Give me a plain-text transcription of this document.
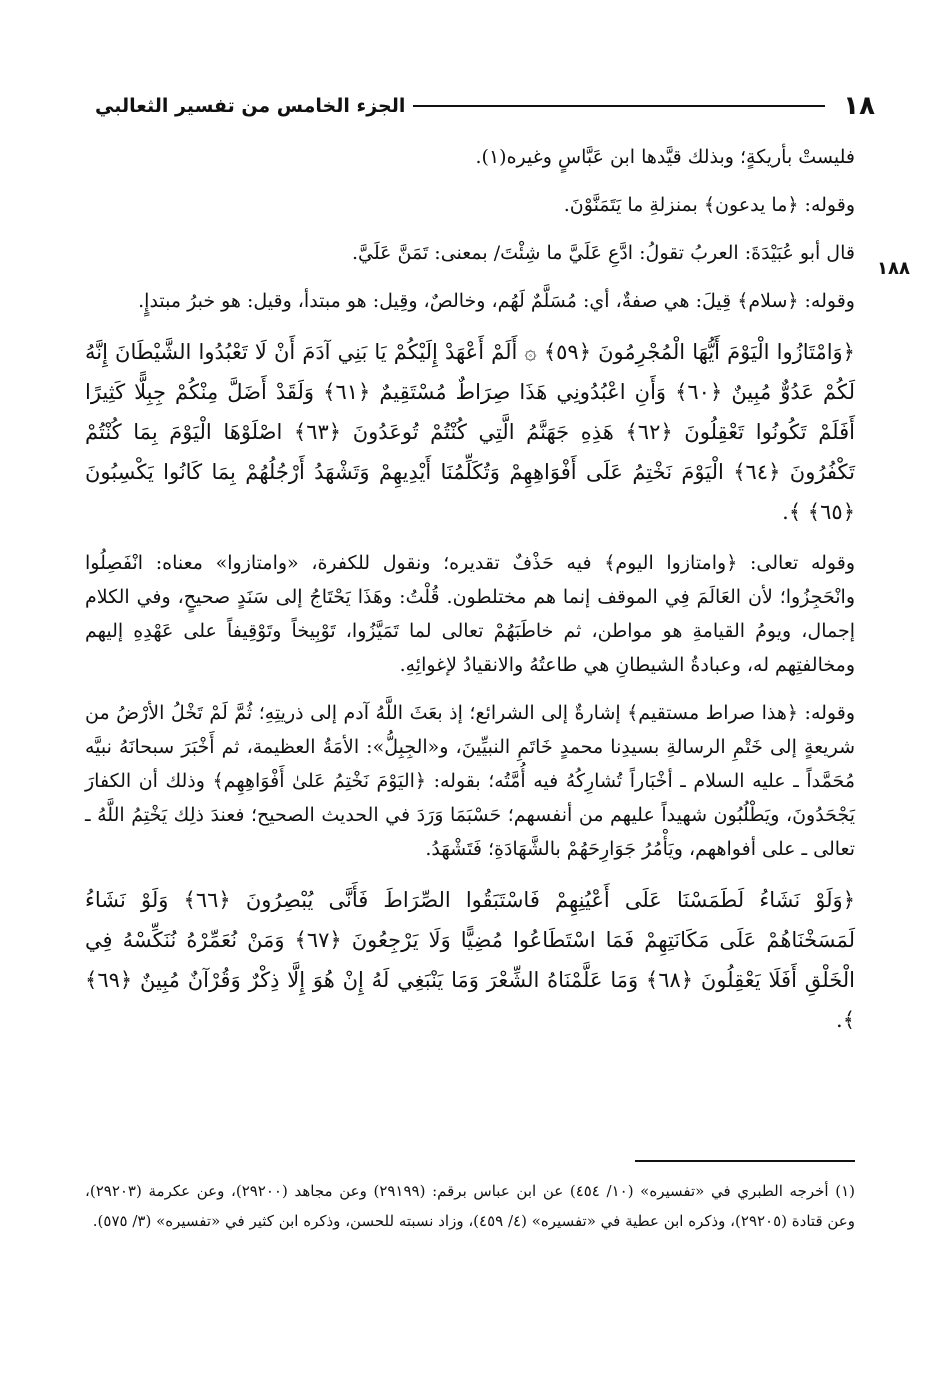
١٨
الجزء الخامس من تفسير الثعالبي
١٨٨

فليستْ بأريكةٍ؛ وبذلك قيَّدها ابن عَبَّاسٍ وغيره(١).

وقوله: ﴿ما يدعون﴾ بمنزلةِ ما يَتَمَنَّوْنَ.

قال أبو عُبَيْدَةَ: العربُ تقولُ: ادَّعِ عَلَيَّ ما شِئْتَ/ بمعنى: تَمَنَّ عَلَيَّ.

وقوله: ﴿سلام﴾ قِيلَ: هي صفةٌ، أي: مُسَلَّمٌ لَهُم، وخالصٌ، وقِيل: هو مبتدأ، وقيل: هو خبرُ مبتدإٍ.

﴿وَامْتَازُوا الْيَوْمَ أَيُّهَا الْمُجْرِمُونَ ﴿٥٩﴾ ۞ أَلَمْ أَعْهَدْ إِلَيْكُمْ يَا بَنِي آدَمَ أَنْ لَا تَعْبُدُوا الشَّيْطَانَ إِنَّهُ لَكُمْ عَدُوٌّ مُبِينٌ ﴿٦٠﴾ وَأَنِ اعْبُدُونِي هَذَا صِرَاطٌ مُسْتَقِيمٌ ﴿٦١﴾ وَلَقَدْ أَضَلَّ مِنْكُمْ جِبِلًّا كَثِيرًا أَفَلَمْ تَكُونُوا تَعْقِلُونَ ﴿٦٢﴾ هَذِهِ جَهَنَّمُ الَّتِي كُنْتُمْ تُوعَدُونَ ﴿٦٣﴾ اصْلَوْهَا الْيَوْمَ بِمَا كُنْتُمْ تَكْفُرُونَ ﴿٦٤﴾ الْيَوْمَ نَخْتِمُ عَلَى أَفْوَاهِهِمْ وَتُكَلِّمُنَا أَيْدِيهِمْ وَتَشْهَدُ أَرْجُلُهُمْ بِمَا كَانُوا يَكْسِبُونَ ﴿٦٥﴾ ﴾.

وقوله تعالى: ﴿وامتازوا اليوم﴾ فيه حَذْفٌ تقديره؛ ونقول للكفرة، «وامتازوا» معناه: انْفَصِلُوا وانْحَجِزُوا؛ لأن العَالَمَ فِي الموقف إنما هم مختلطون. قُلْتُ: وهَذَا يَحْتَاجُ إلى سَنَدٍ صحيحٍ، وفي الكلام إجمال، ويومُ القيامةِ هو مواطن، ثم خاطَبَهُمْ تعالى لما تَمَيَّزُوا، تَوْبِيخاً وتَوْقِيفاً على عَهْدِهِ إليهم ومخالفتِهم له، وعبادةُ الشيطانِ هي طاعتُهُ والانقيادُ لإغوائِهِ.

وقوله: ﴿هذا صراط مستقيم﴾ إشارةٌ إلى الشرائع؛ إذ بعَثَ اللَّهُ آدم إلى ذريتِهِ؛ ثُمَّ لَمْ تَخْلُ الأرْضُ من شريعةٍ إلى خَتْمِ الرسالةِ بسيدِنا محمدٍ خَاتَمِ النبيِّينَ، و«الجِبِلُّ»: الأمَةُ العظيمة، ثم أَخْبَرَ سبحانَهُ نبيَّه مُحَمَّداً ـ عليه السلام ـ أخْبَاراً تُشارِكُهُ فيه أُمَّتُه؛ بقوله: ﴿اليَوْمَ نَخْتِمُ عَلىٰ أَفْوَاهِهِم﴾ وذلك أن الكفارَ يَجْحَدُونَ، ويَطْلُبُون شهيداً عليهم من أنفسهم؛ حَسْبَمَا وَرَدَ في الحديث الصحيح؛ فعندَ ذلِك يَخْتِمُ اللَّهُ ـ تعالى ـ على أفواههم، ويَأْمُرُ جَوَارِحَهُمْ بالشَّهَادَةِ؛ فَتَشْهَدُ.

﴿وَلَوْ نَشَاءُ لَطَمَسْنَا عَلَى أَعْيُنِهِمْ فَاسْتَبَقُوا الصِّرَاطَ فَأَنَّى يُبْصِرُونَ ﴿٦٦﴾ وَلَوْ نَشَاءُ لَمَسَخْنَاهُمْ عَلَى مَكَانَتِهِمْ فَمَا اسْتَطَاعُوا مُضِيًّا وَلَا يَرْجِعُونَ ﴿٦٧﴾ وَمَنْ نُعَمِّرْهُ نُنَكِّسْهُ فِي الْخَلْقِ أَفَلَا يَعْقِلُونَ ﴿٦٨﴾ وَمَا عَلَّمْنَاهُ الشِّعْرَ وَمَا يَنْبَغِي لَهُ إِنْ هُوَ إِلَّا ذِكْرٌ وَقُرْآنٌ مُبِينٌ ﴿٦٩﴾ ﴾.

(١) أخرجه الطبري في «تفسيره» (١٠/ ٤٥٤) عن ابن عباس برقم: (٢٩١٩٩) وعن مجاهد (٢٩٢٠٠)، وعن عكرمة (٢٩٢٠٣)، وعن قتادة (٢٩٢٠٥)، وذكره ابن عطية في «تفسيره» (٤/ ٤٥٩)، وزاد نسبته للحسن، وذكره ابن كثير في «تفسيره» (٣/ ٥٧٥).
